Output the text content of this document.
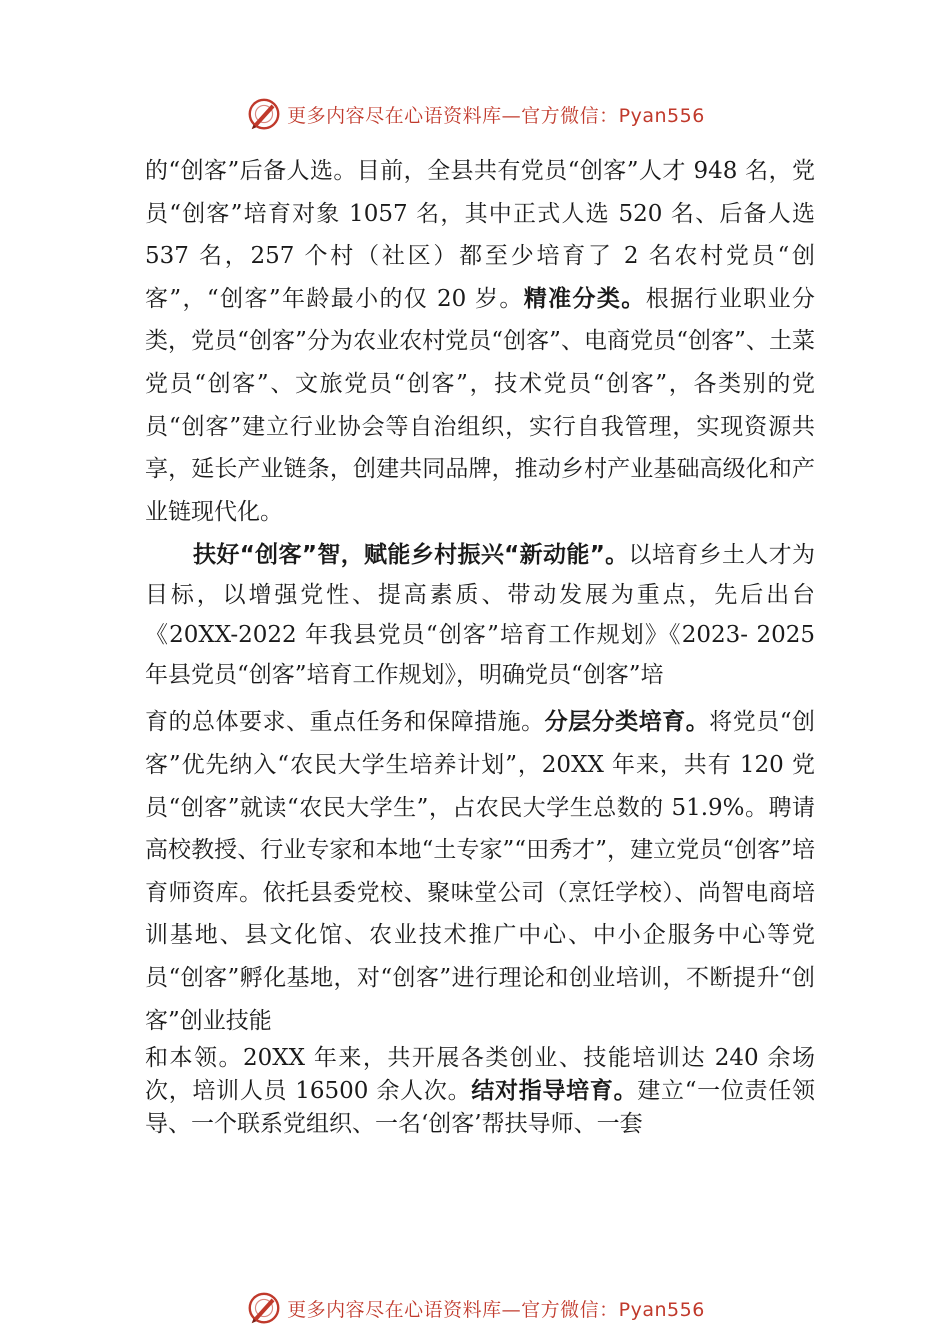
更多内容尽在心语资料库—官方微信：Pyan556

的“创客”后备人选。目前，全县共有党员“创客”人才 948 名，党员“创客”培育对象 1057 名，其中正式人选 520 名、后备人选 537 名，257 个村（社区）都至少培育了 2 名农村党员“创客”，“创客”年龄最小的仅 20 岁。精准分类。根据行业职业分类，党员“创客”分为农业农村党员“创客”、电商党员“创客”、土菜党员“创客”、文旅党员“创客”，技术党员“创客”，各类别的党员“创客”建立行业协会等自治组织，实行自我管理，实现资源共享，延长产业链条，创建共同品牌，推动乡村产业基础高级化和产业链现代化。

扶好“创客”智，赋能乡村振兴“新动能”。以培育乡土人才为目标，以增强党性、提高素质、带动发展为重点，先后出台《20XX-2022 年我县党员“创客”培育工作规划》《2023- 2025 年县党员“创客”培育工作规划》，明确党员“创客”培

育的总体要求、重点任务和保障措施。分层分类培育。将党员“创客”优先纳入“农民大学生培养计划”，20XX 年来，共有 120 党员“创客”就读“农民大学生”，占农民大学生总数的 51.9%。聘请高校教授、行业专家和本地“土专家”“田秀才”，建立党员“创客”培育师资库。依托县委党校、聚味堂公司（烹饪学校）、尚智电商培训基地、县文化馆、农业技术推广中心、中小企服务中心等党员“创客”孵化基地，对“创客”进行理论和创业培训，不断提升“创客”创业技能

和本领。20XX 年来，共开展各类创业、技能培训达 240 余场次，培训人员 16500 余人次。结对指导培育。建立“一位责任领导、一个联系党组织、一名‘创客’帮扶导师、一套

更多内容尽在心语资料库—官方微信：Pyan556
